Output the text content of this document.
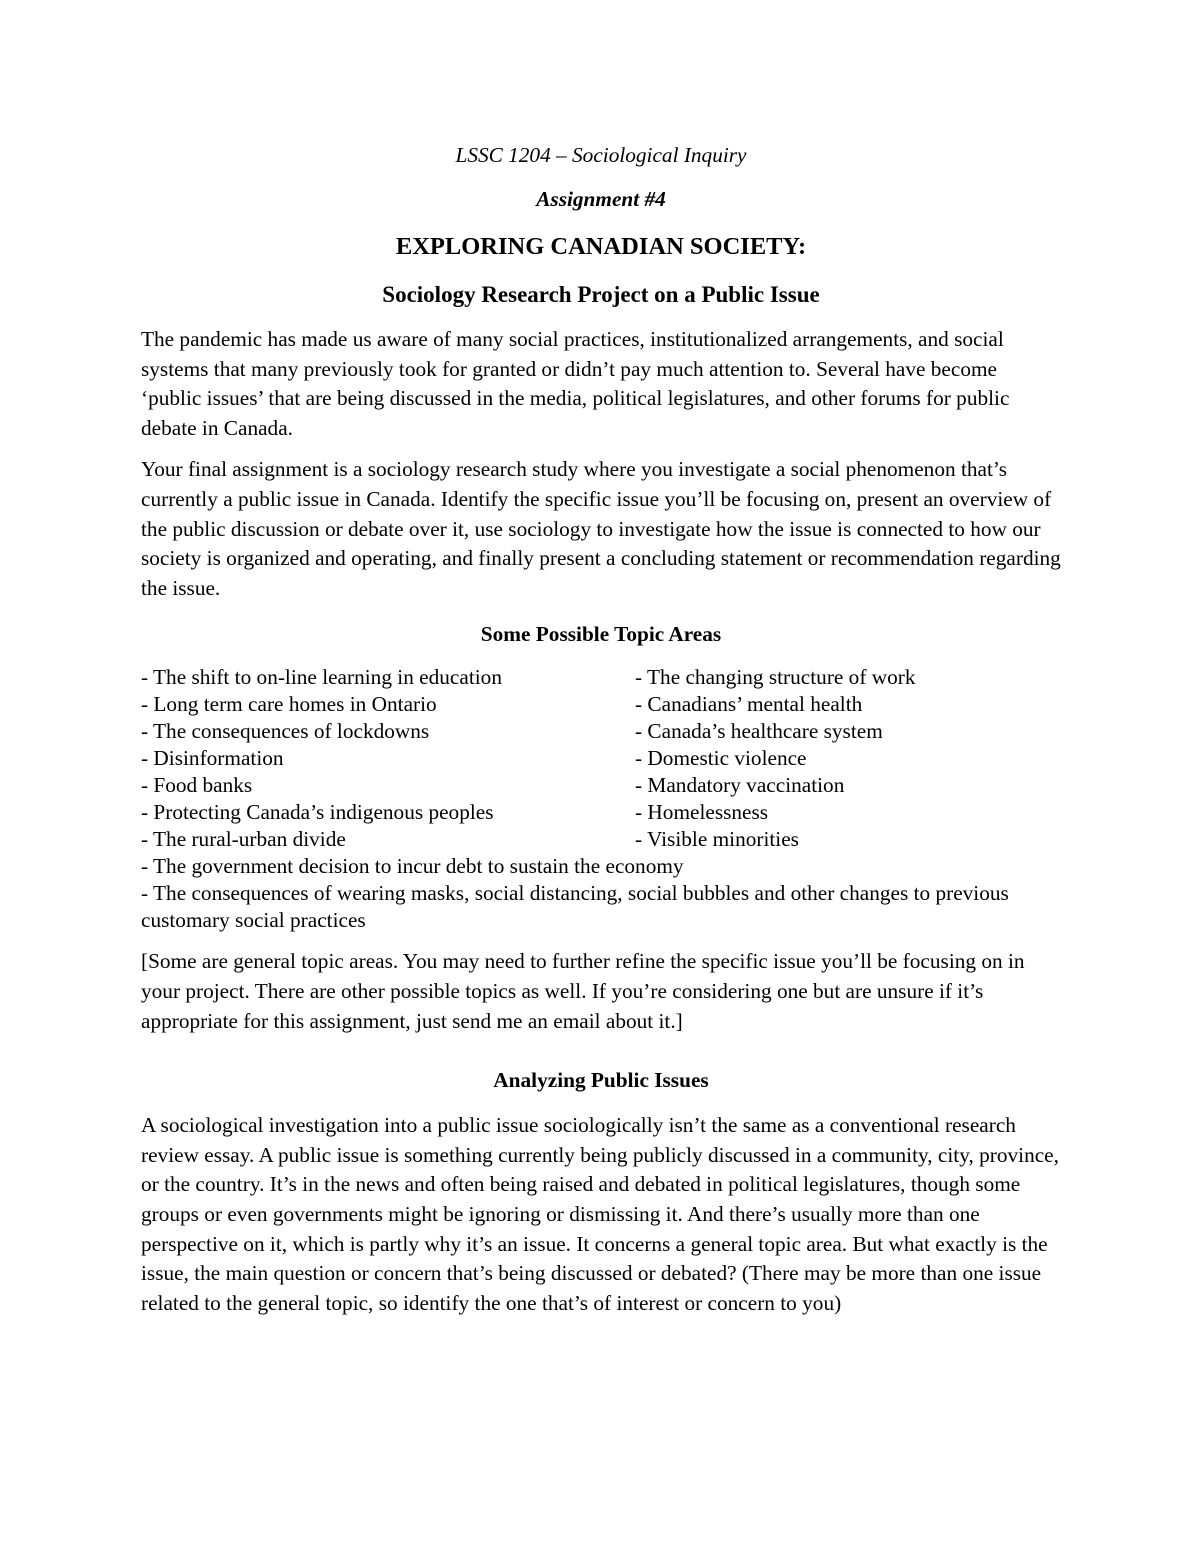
LSSC 1204 – Sociological Inquiry

Assignment #4

EXPLORING CANADIAN SOCIETY:

Sociology Research Project on a Public Issue

The pandemic has made us aware of many social practices, institutionalized arrangements, and social systems that many previously took for granted or didn’t pay much attention to. Several have become ‘public issues’ that are being discussed in the media, political legislatures, and other forums for public debate in Canada.

Your final assignment is a sociology research study where you investigate a social phenomenon that’s currently a public issue in Canada. Identify the specific issue you’ll be focusing on, present an overview of the public discussion or debate over it, use sociology to investigate how the issue is connected to how our society is organized and operating, and finally present a concluding statement or recommendation regarding the issue.

Some Possible Topic Areas

- The shift to on-line learning in education	- The changing structure of work
- Long term care homes in Ontario	- Canadians’ mental health
- The consequences of lockdowns	- Canada’s healthcare system
- Disinformation	- Domestic violence
- Food banks	- Mandatory vaccination
- Protecting Canada’s indigenous peoples	- Homelessness
- The rural-urban divide	- Visible minorities
- The government decision to incur debt to sustain the economy
- The consequences of wearing masks, social distancing, social bubbles and other changes to previous customary social practices

[Some are general topic areas. You may need to further refine the specific issue you’ll be focusing on in your project. There are other possible topics as well. If you’re considering one but are unsure if it’s appropriate for this assignment, just send me an email about it.]

Analyzing Public Issues

A sociological investigation into a public issue sociologically isn’t the same as a conventional research review essay. A public issue is something currently being publicly discussed in a community, city, province, or the country. It’s in the news and often being raised and debated in political legislatures, though some groups or even governments might be ignoring or dismissing it. And there’s usually more than one perspective on it, which is partly why it’s an issue. It concerns a general topic area. But what exactly is the issue, the main question or concern that’s being discussed or debated? (There may be more than one issue related to the general topic, so identify the one that’s of interest or concern to you)
